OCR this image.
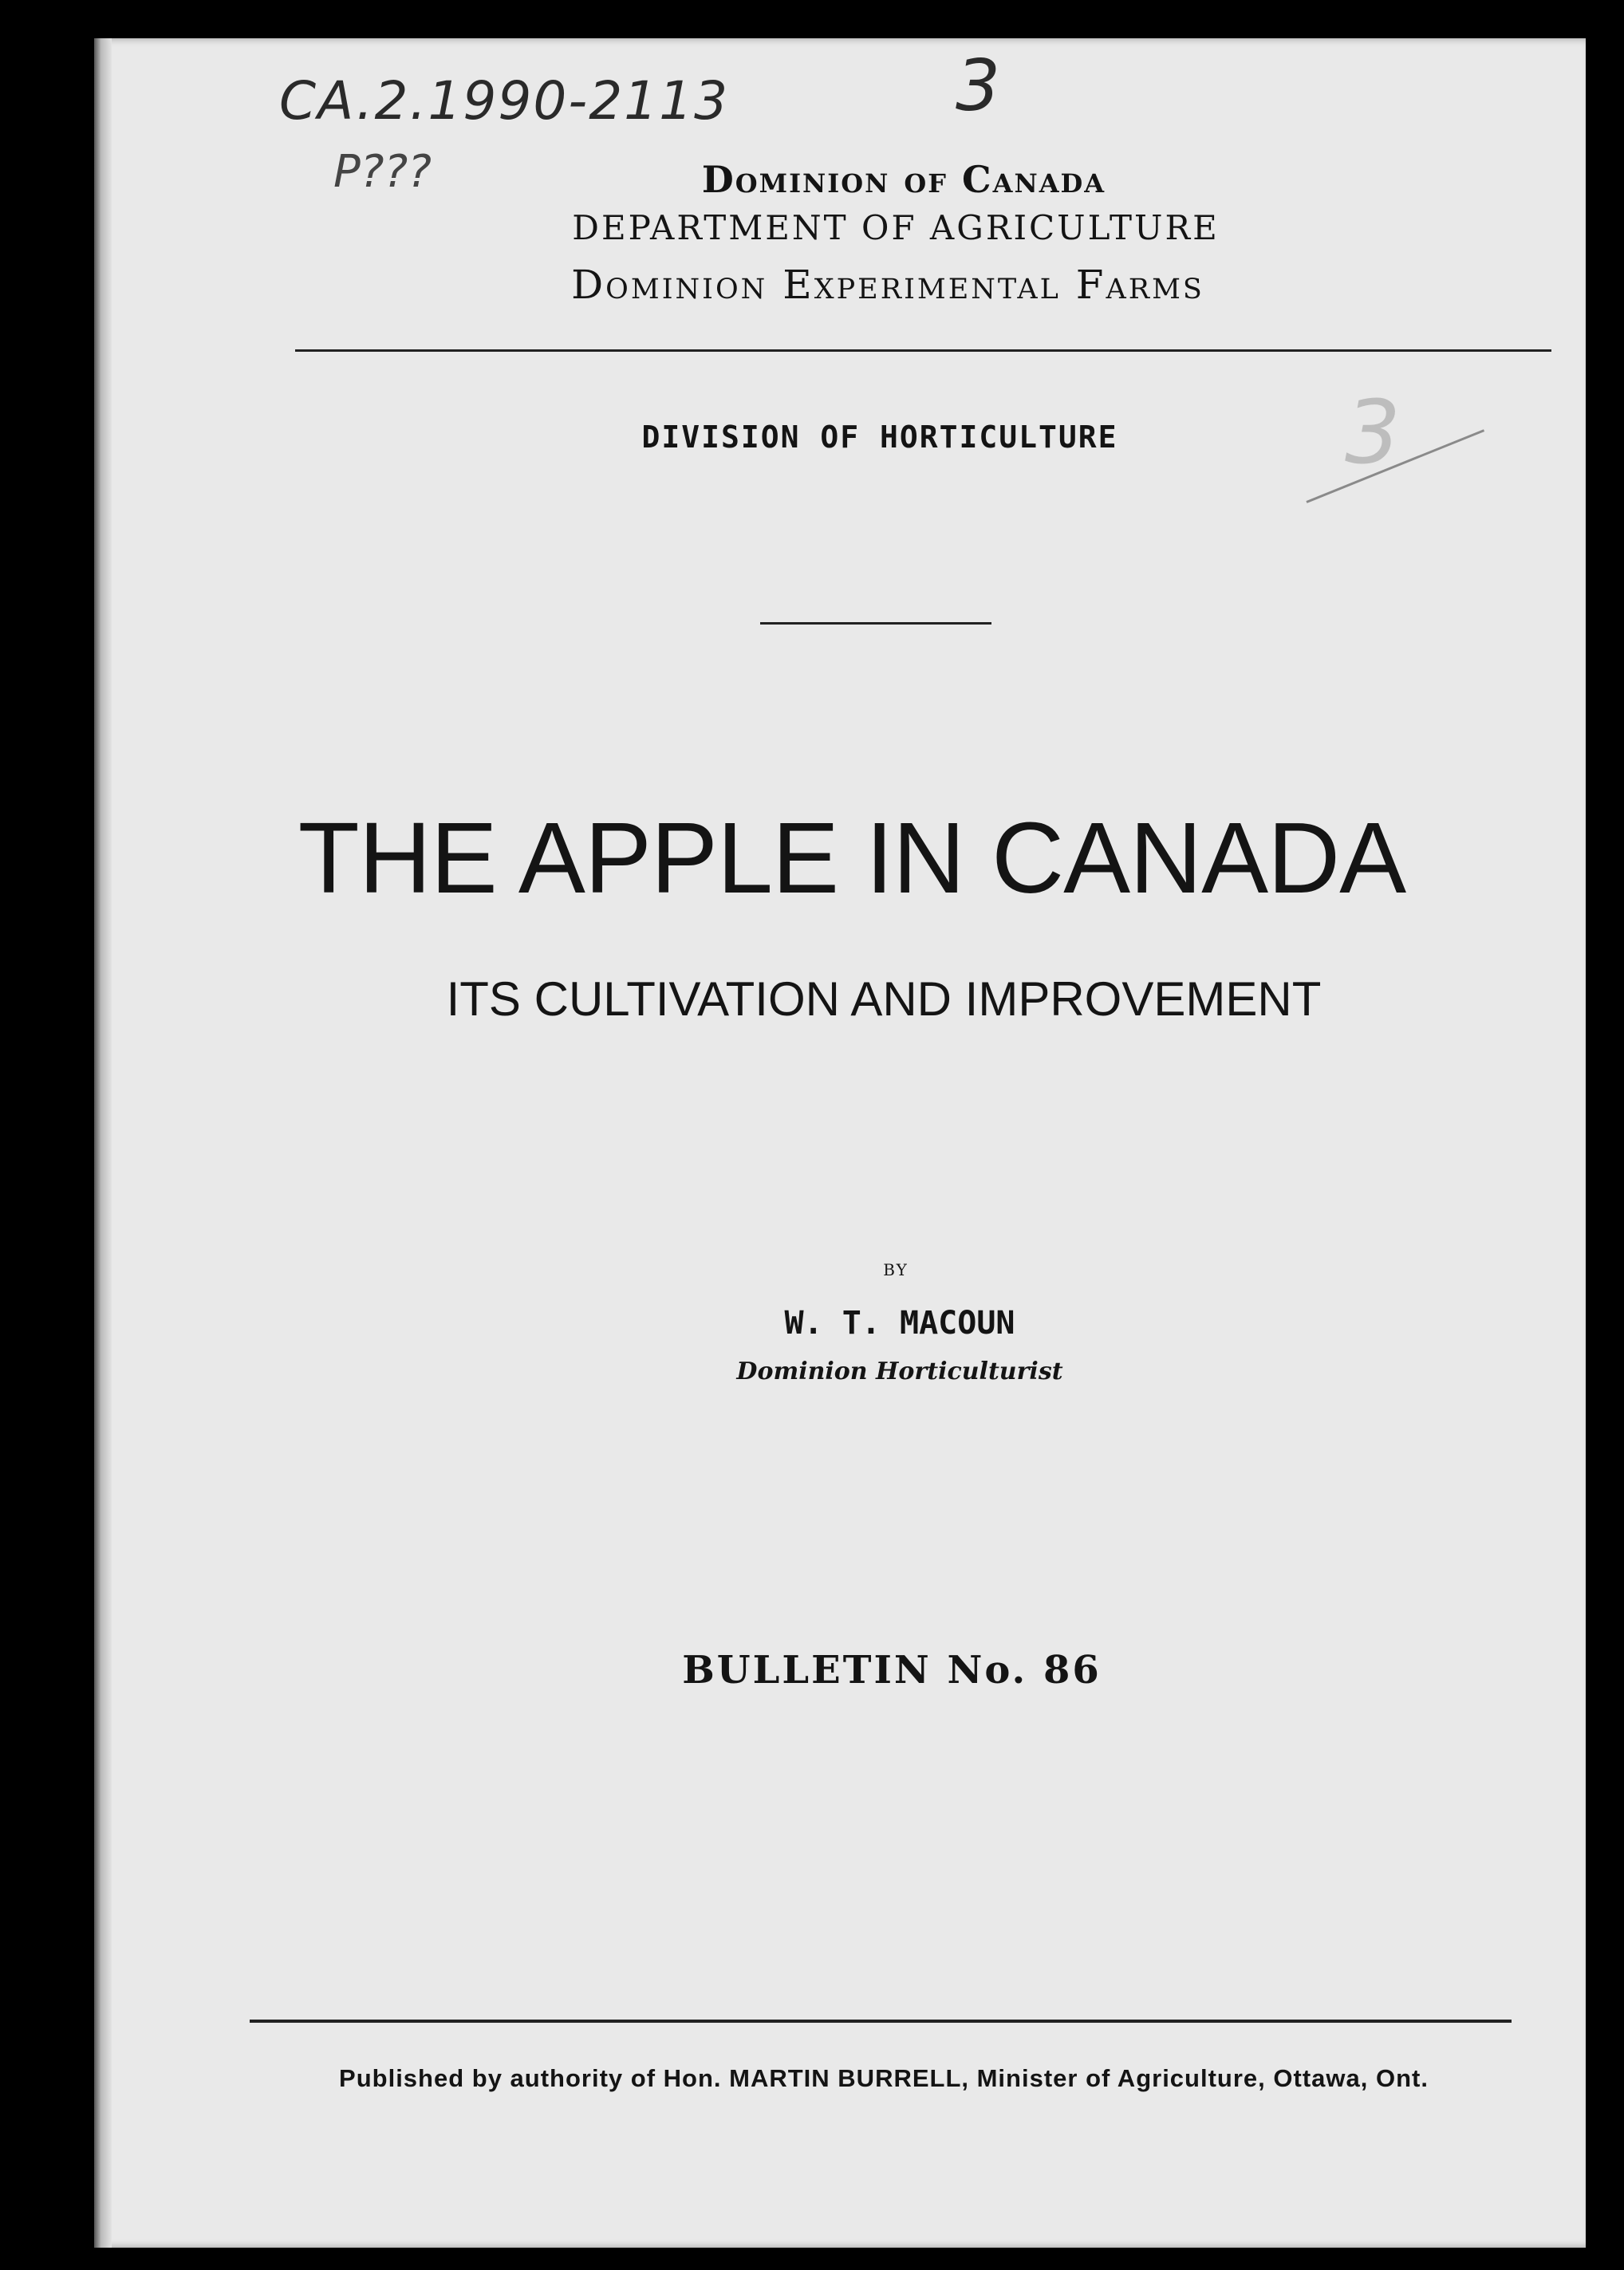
CA.2.1990-2113
P???
3
3
Dominion of Canada
DEPARTMENT OF AGRICULTURE
Dominion Experimental Farms
DIVISION OF HORTICULTURE
THE APPLE IN CANADA
ITS CULTIVATION AND IMPROVEMENT
BY
W. T. MACOUN
Dominion Horticulturist
BULLETIN No. 86
Published by authority of Hon. MARTIN BURRELL, Minister of Agriculture, Ottawa, Ont.
